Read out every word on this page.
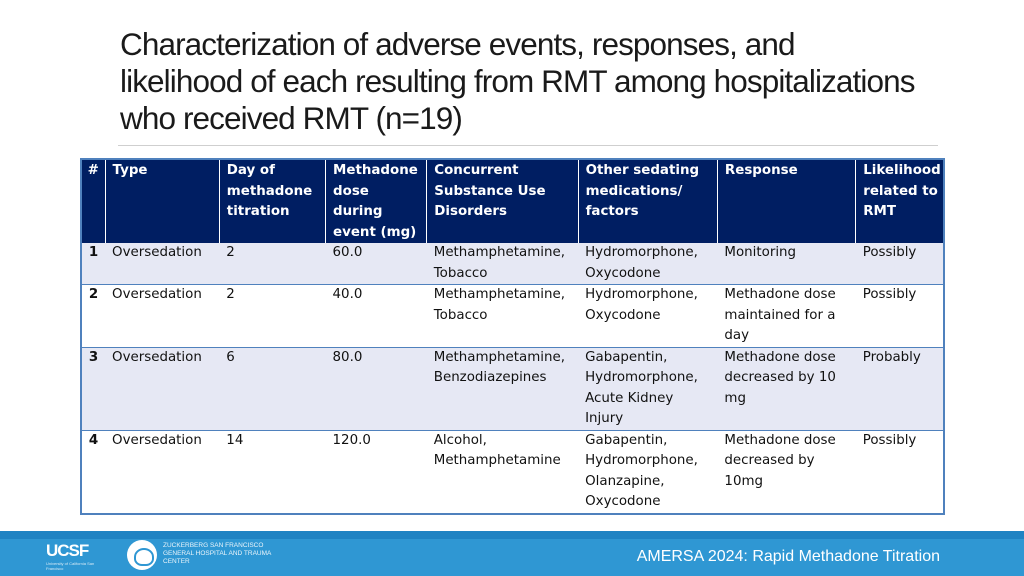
Characterization of adverse events, responses, and likelihood of each resulting from RMT among hospitalizations who received RMT (n=19)
#	Type	Day of methadone titration	Methadone dose during event (mg)	Concurrent Substance Use Disorders	Other sedating medications/ factors	Response	Likelihood related to RMT
1	Oversedation	2	60.0	Methamphetamine, Tobacco	Hydromorphone, Oxycodone	Monitoring	Possibly
2	Oversedation	2	40.0	Methamphetamine, Tobacco	Hydromorphone, Oxycodone	Methadone dose maintained for a day	Possibly
3	Oversedation	6	80.0	Methamphetamine, Benzodiazepines	Gabapentin, Hydromorphone, Acute Kidney Injury	Methadone dose decreased by 10 mg	Probably
4	Oversedation	14	120.0	Alcohol, Methamphetamine	Gabapentin, Hydromorphone, Olanzapine, Oxycodone	Methadone dose decreased by 10mg	Possibly
UCSF
University of California San Francisco
ZUCKERBERG SAN FRANCISCO GENERAL HOSPITAL AND TRAUMA CENTER	AMERSA 2024: Rapid Methadone Titration
